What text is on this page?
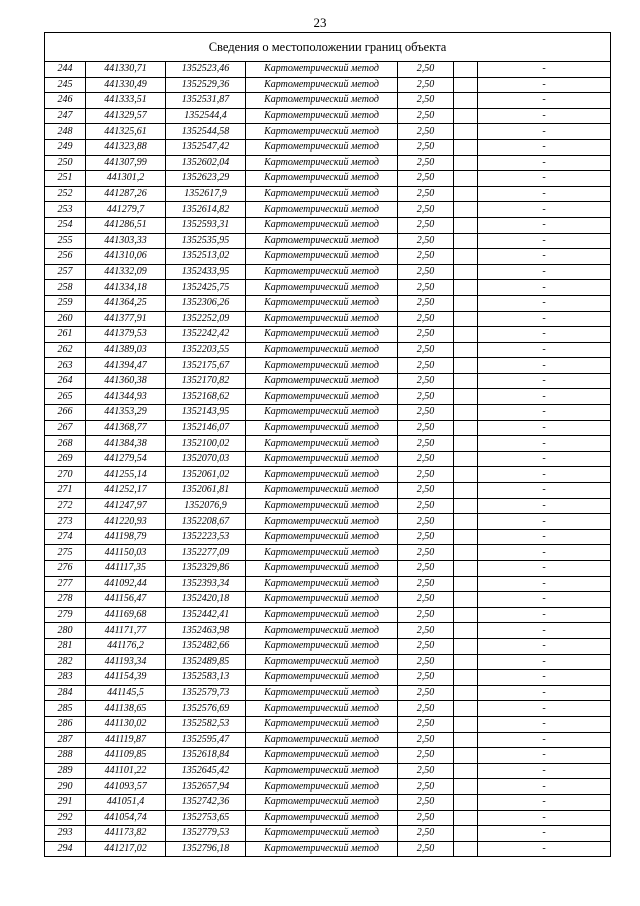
23
Сведения о местоположении границ объекта
244	441330,71	1352523,46	Картометрический метод	2,50		-
245	441330,49	1352529,36	Картометрический метод	2,50		-
246	441333,51	1352531,87	Картометрический метод	2,50		-
247	441329,57	1352544,4	Картометрический метод	2,50		-
248	441325,61	1352544,58	Картометрический метод	2,50		-
249	441323,88	1352547,42	Картометрический метод	2,50		-
250	441307,99	1352602,04	Картометрический метод	2,50		-
251	441301,2	1352623,29	Картометрический метод	2,50		-
252	441287,26	1352617,9	Картометрический метод	2,50		-
253	441279,7	1352614,82	Картометрический метод	2,50		-
254	441286,51	1352593,31	Картометрический метод	2,50		-
255	441303,33	1352535,95	Картометрический метод	2,50		-
256	441310,06	1352513,02	Картометрический метод	2,50		-
257	441332,09	1352433,95	Картометрический метод	2,50		-
258	441334,18	1352425,75	Картометрический метод	2,50		-
259	441364,25	1352306,26	Картометрический метод	2,50		-
260	441377,91	1352252,09	Картометрический метод	2,50		-
261	441379,53	1352242,42	Картометрический метод	2,50		-
262	441389,03	1352203,55	Картометрический метод	2,50		-
263	441394,47	1352175,67	Картометрический метод	2,50		-
264	441360,38	1352170,82	Картометрический метод	2,50		-
265	441344,93	1352168,62	Картометрический метод	2,50		-
266	441353,29	1352143,95	Картометрический метод	2,50		-
267	441368,77	1352146,07	Картометрический метод	2,50		-
268	441384,38	1352100,02	Картометрический метод	2,50		-
269	441279,54	1352070,03	Картометрический метод	2,50		-
270	441255,14	1352061,02	Картометрический метод	2,50		-
271	441252,17	1352061,81	Картометрический метод	2,50		-
272	441247,97	1352076,9	Картометрический метод	2,50		-
273	441220,93	1352208,67	Картометрический метод	2,50		-
274	441198,79	1352223,53	Картометрический метод	2,50		-
275	441150,03	1352277,09	Картометрический метод	2,50		-
276	441117,35	1352329,86	Картометрический метод	2,50		-
277	441092,44	1352393,34	Картометрический метод	2,50		-
278	441156,47	1352420,18	Картометрический метод	2,50		-
279	441169,68	1352442,41	Картометрический метод	2,50		-
280	441171,77	1352463,98	Картометрический метод	2,50		-
281	441176,2	1352482,66	Картометрический метод	2,50		-
282	441193,34	1352489,85	Картометрический метод	2,50		-
283	441154,39	1352583,13	Картометрический метод	2,50		-
284	441145,5	1352579,73	Картометрический метод	2,50		-
285	441138,65	1352576,69	Картометрический метод	2,50		-
286	441130,02	1352582,53	Картометрический метод	2,50		-
287	441119,87	1352595,47	Картометрический метод	2,50		-
288	441109,85	1352618,84	Картометрический метод	2,50		-
289	441101,22	1352645,42	Картометрический метод	2,50		-
290	441093,57	1352657,94	Картометрический метод	2,50		-
291	441051,4	1352742,36	Картометрический метод	2,50		-
292	441054,74	1352753,65	Картометрический метод	2,50		-
293	441173,82	1352779,53	Картометрический метод	2,50		-
294	441217,02	1352796,18	Картометрический метод	2,50		-
